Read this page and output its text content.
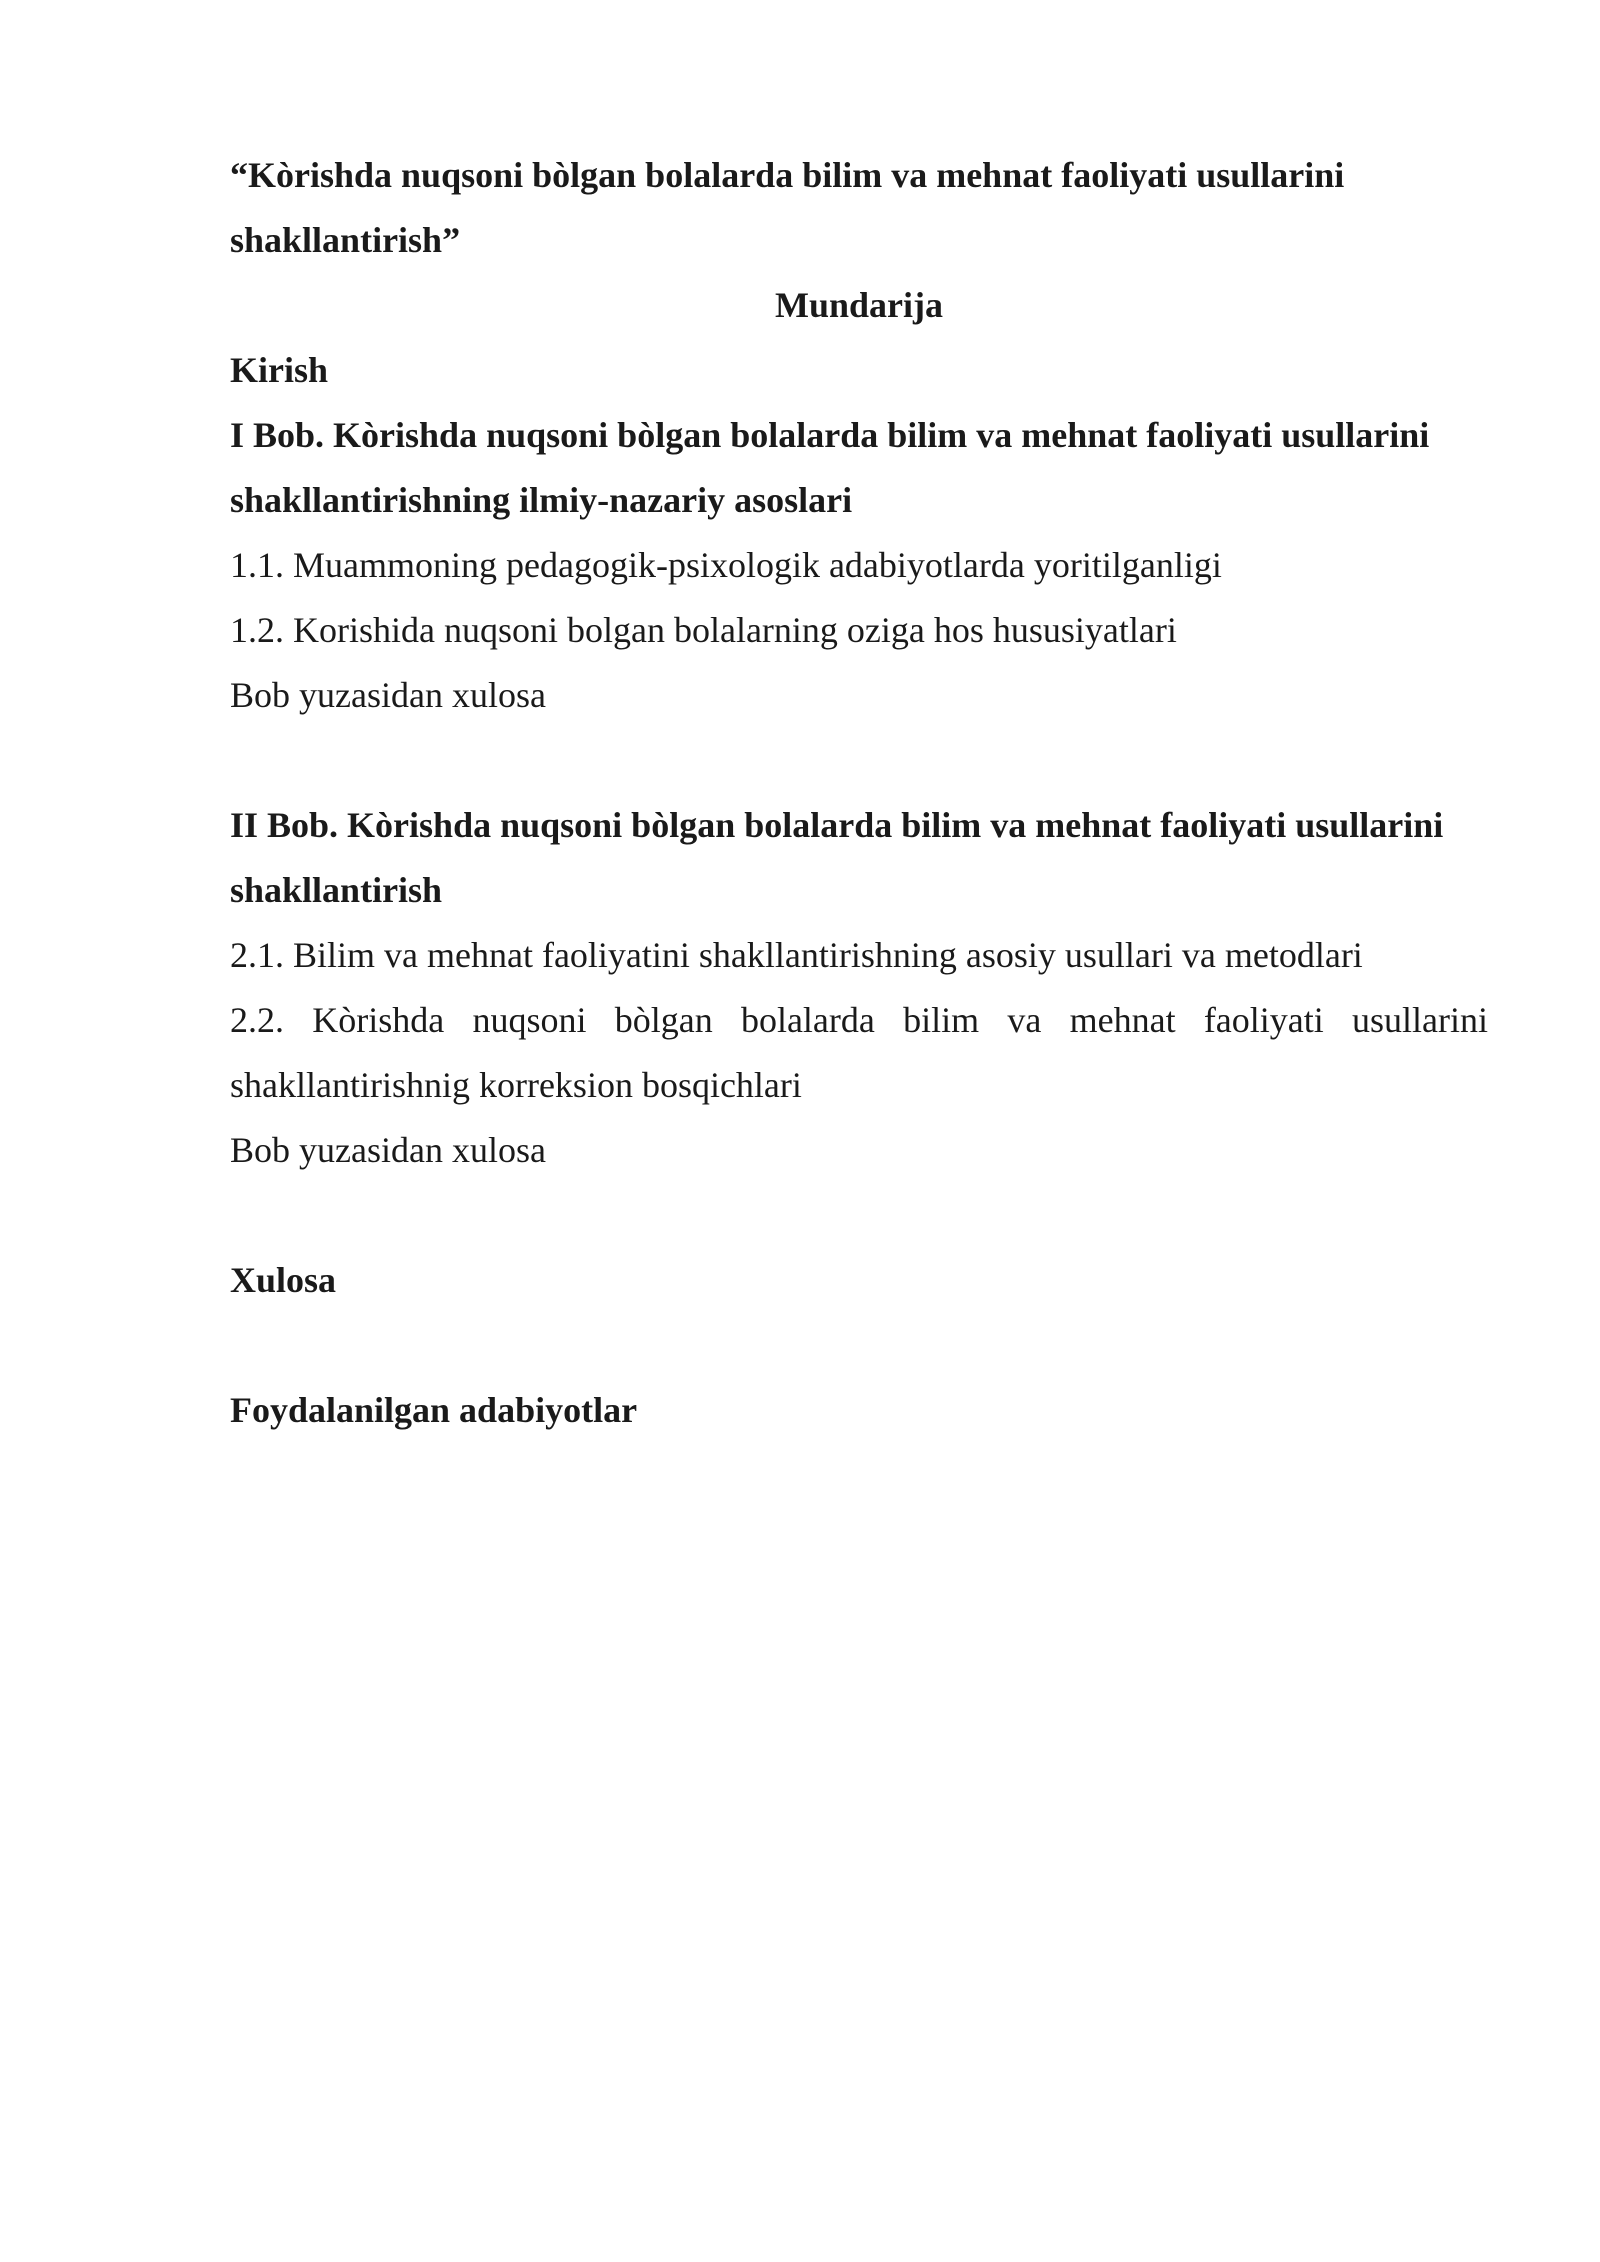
“Kòrishda nuqsoni bòlgan bolalarda bilim va mehnat faoliyati usullarini
shakllantirish”
Mundarija
Kirish
I Bob. Kòrishda nuqsoni bòlgan bolalarda bilim va mehnat faoliyati usullarini
shakllantirishning ilmiy-nazariy asoslari
1.1. Muammoning pedagogik-psixologik adabiyotlarda yoritilganligi
1.2. Korishida nuqsoni bolgan bolalarning oziga hos hususiyatlari
Bob yuzasidan xulosa
II Bob. Kòrishda nuqsoni bòlgan bolalarda bilim va mehnat faoliyati usullarini
shakllantirish
2.1. Bilim va mehnat faoliyatini shakllantirishning asosiy usullari va metodlari
2.2. Kòrishda nuqsoni bòlgan bolalarda bilim va mehnat faoliyati usullarini
shakllantirishnig korreksion bosqichlari
Bob yuzasidan xulosa
Xulosa
Foydalanilgan adabiyotlar
